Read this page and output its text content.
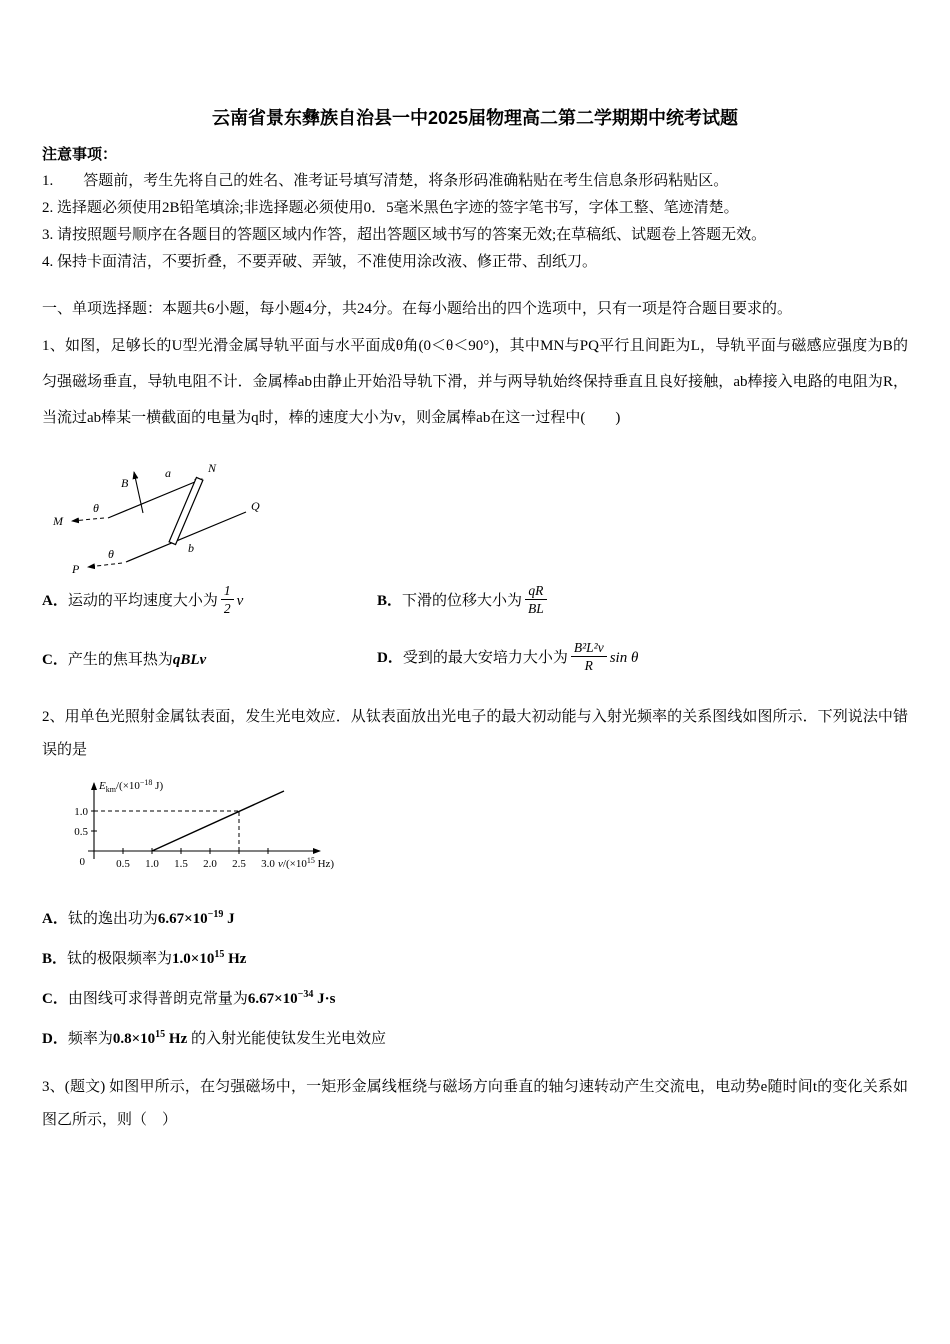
云南省景东彝族自治县一中2025届物理高二第二学期期中统考试题
注意事项：
1.　　答题前，考生先将自己的姓名、准考证号填写清楚，将条形码准确粘贴在考生信息条形码粘贴区。
2. 选择题必须使用2B铅笔填涂;非选择题必须使用0．5毫米黑色字迹的签字笔书写，字体工整、笔迹清楚。
3. 请按照题号顺序在各题目的答题区域内作答，超出答题区域书写的答案无效;在草稿纸、试题卷上答题无效。
4. 保持卡面清洁，不要折叠，不要弄破、弄皱，不准使用涂改液、修正带、刮纸刀。
一、单项选择题：本题共6小题，每小题4分，共24分。在每小题给出的四个选项中，只有一项是符合题目要求的。

1、如图，足够长的U型光滑金属导轨平面与水平面成θ角(0＜θ＜90°)，其中MN与PQ平行且间距为L，导轨平面与磁感应强度为B的匀强磁场垂直，导轨电阻不计．金属棒ab由静止开始沿导轨下滑，并与两导轨始终保持垂直且良好接触，ab棒接入电路的电阻为R，当流过ab棒某一横截面的电量为q时，棒的速度大小为v，则金属棒ab在这一过程中(　　)

M
N
P
Q
a
b
B
θ
θ
A．运动的平均速度大小为 $\frac{1}{2}$ v	B．下滑的位移大小为 $\frac{qR}{BL}$
C．产生的焦耳热为qBLv	D．受到的最大安培力大小为 $\frac{\text{B²L²v}}{R}$ sin θ

2、用单色光照射金属钛表面，发生光电效应．从钛表面放出光电子的最大初动能与入射光频率的关系图线如图所示．下列说法中错误的是

$E_{km}/(\times 10^{-18}$ J)
$\nu/(\times 10^{15}$ Hz)
1.0
0.5
0	0.5 1.0 1.5 2.0 2.5 3.0
A．钛的逸出功为$6.67\times 10^{-19}$ J
B．钛的极限频率为$1.0\times 10^{15}$ Hz
C．由图线可求得普朗克常量为$6.67\times 10^{-34}$ J·s
D．频率为$0.8\times 10^{15}$ Hz 的入射光能使钛发生光电效应

3、(题文) 如图甲所示，在匀强磁场中，一矩形金属线框绕与磁场方向垂直的轴匀速转动产生交流电，电动势e随时间t的变化关系如图乙所示，则（　）
